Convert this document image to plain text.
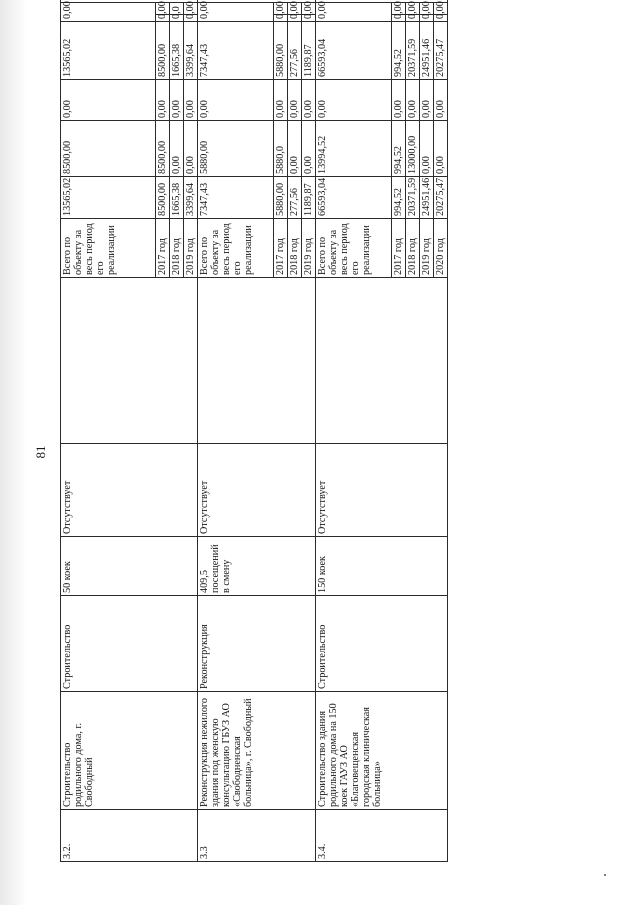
81
3.2.	Строительство родильного дома, г. Свободный	Строительство	50 коек	Отсутствует		Всего по объекту за весь период его реализации	13565,02	8500,00	0,00	13565,02	0,00	
						2017 год	8500,00	8500,00	0,00	8500,00	0,00		
						2018 год	1665,38	0,00	0,00	1665,38	0,0		
						2019 год	3399,64	0,00	0,00	3399,64	0,00		
3.3	Реконструкция нежилого здания под женскую консультацию ГБУЗ АО «Свободненская больница», г. Свободный	Реконструкция	409,5 посещений в смену	Отсутствует		Всего по объекту за весь период его реализации	7347,43	5880,00	0,00	7347,43	0,00	
						2017 год	5880,00	5880,0	0,00	5880,00	0,00		
						2018 год	277,56	0,00	0,00	277,56	0,00		
						2019 год	1189,87	0,00	0,00	1189,87	0,00		
3.4.	Строительство здания родильного дома на 150 коек ГАУЗ АО «Благовещенская городская клиническая больница»	Строительство	150 коек	Отсутствует		Всего по объекту за весь период его реализации	66593,04	13994,52	0,00	66593,04	0,00	
						2017 год	994,52	994,52	0,00	994,52	0,00		
						2018 год	20371,59	13000,00	0,00	20371,59	0,00		
						2019 год	24951,46	0,00	0,00	24951,46	0,00		
						2020 год	20275,47	0,00	0,00	20275,47	0,00		
